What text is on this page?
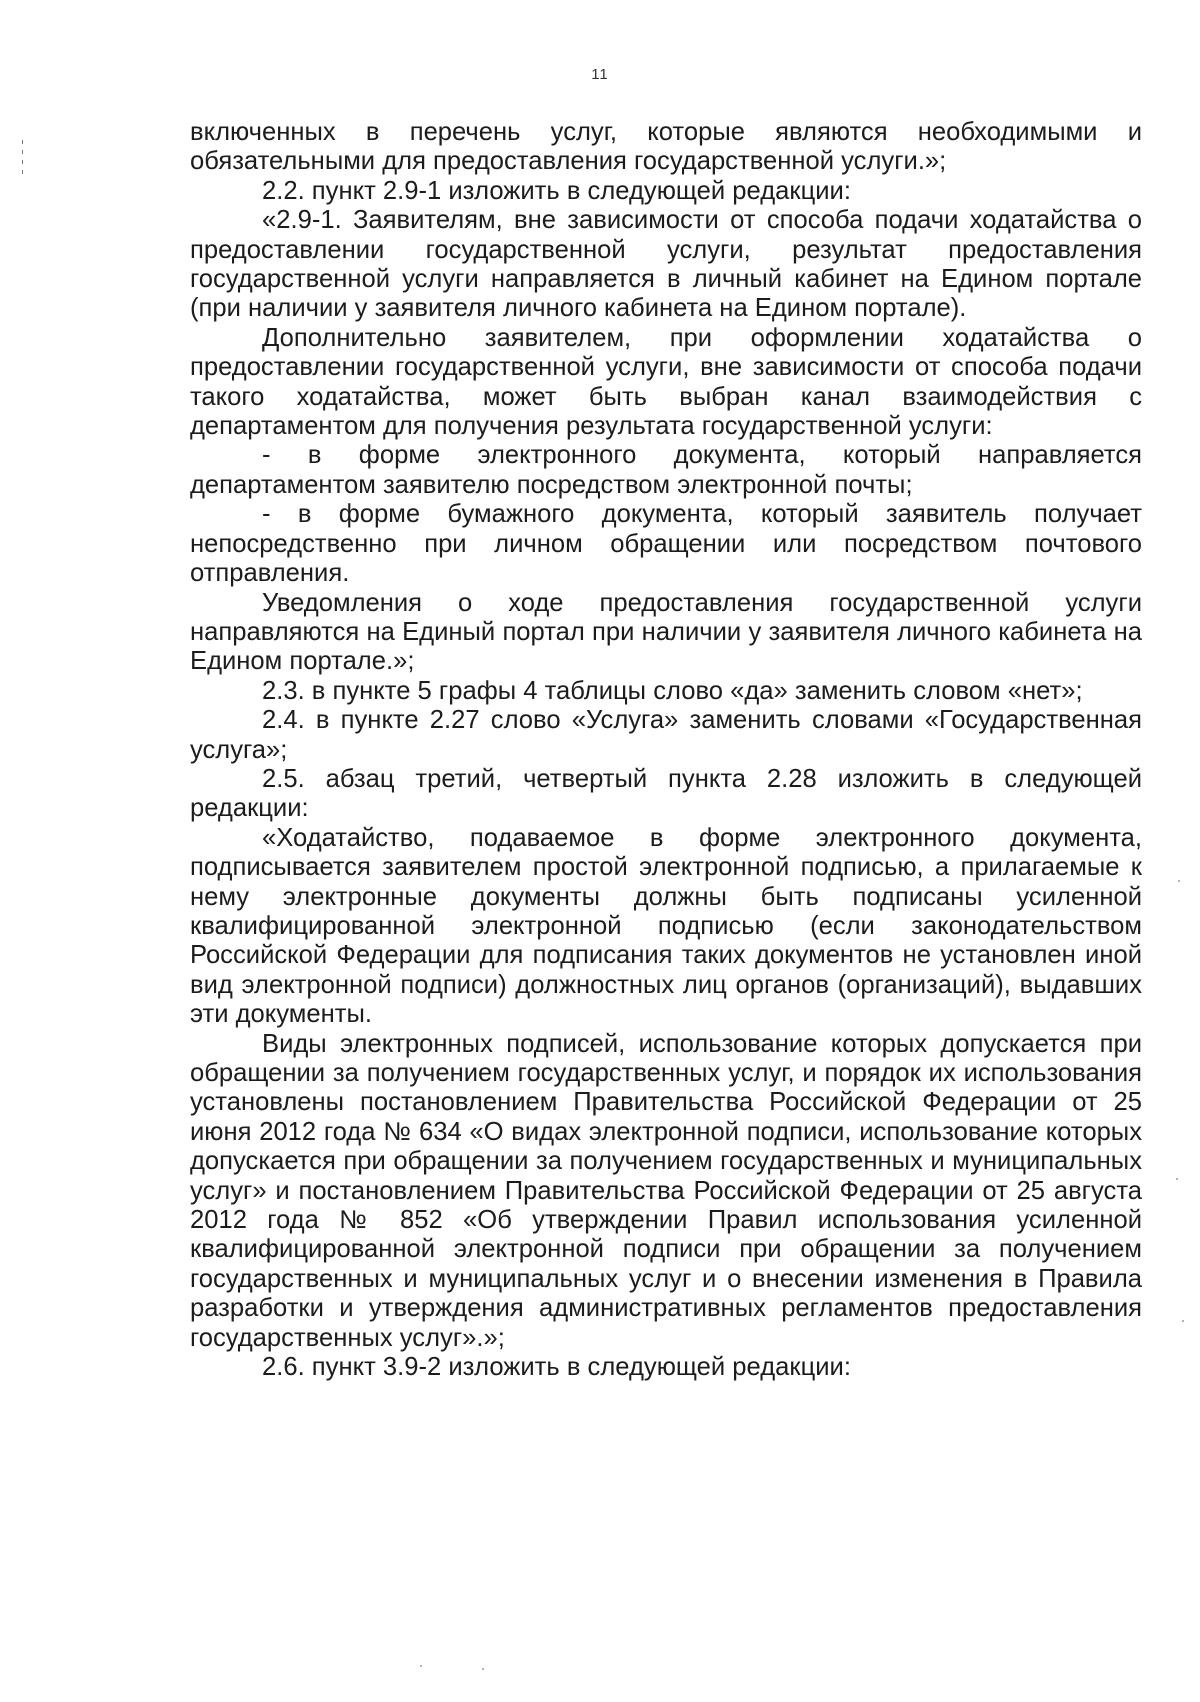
11

включенных в перечень услуг, которые являются необходимыми и обязательными для предоставления государственной услуги.»;

2.2. пункт 2.9-1 изложить в следующей редакции:

«2.9-1. Заявителям, вне зависимости от способа подачи ходатайства о предоставлении государственной услуги, результат предоставления государственной услуги направляется в личный кабинет на Едином портале (при наличии у заявителя личного кабинета на Едином портале).

Дополнительно заявителем, при оформлении ходатайства о предоставлении государственной услуги, вне зависимости от способа подачи такого ходатайства, может быть выбран канал взаимодействия с департаментом для получения результата государственной услуги:

- в форме электронного документа, который направляется департаментом заявителю посредством электронной почты;

- в форме бумажного документа, который заявитель получает непосредственно при личном обращении или посредством почтового отправления.

Уведомления о ходе предоставления государственной услуги направляются на Единый портал при наличии у заявителя личного кабинета на Едином портале.»;

2.3. в пункте 5 графы 4 таблицы слово «да» заменить словом «нет»;

2.4. в пункте 2.27 слово «Услуга» заменить словами «Государственная услуга»;

2.5. абзац третий, четвертый пункта 2.28 изложить в следующей редакции:

«Ходатайство, подаваемое в форме электронного документа, подписывается заявителем простой электронной подписью, а прилагаемые к нему электронные документы должны быть подписаны усиленной квалифицированной электронной подписью (если законодательством Российской Федерации для подписания таких документов не установлен иной вид электронной подписи) должностных лиц органов (организаций), выдавших эти документы.

Виды электронных подписей, использование которых допускается при обращении за получением государственных услуг, и порядок их использования установлены постановлением Правительства Российской Федерации от 25 июня 2012 года № 634 «О видах электронной подписи, использование которых допускается при обращении за получением государственных и муниципальных услуг» и постановлением Правительства Российской Федерации от 25 августа 2012 года № 852 «Об утверждении Правил использования усиленной квалифицированной электронной подписи при обращении за получением государственных и муниципальных услуг и о внесении изменения в Правила разработки и утверждения административных регламентов предоставления государственных услуг».»;

2.6. пункт 3.9-2 изложить в следующей редакции:
